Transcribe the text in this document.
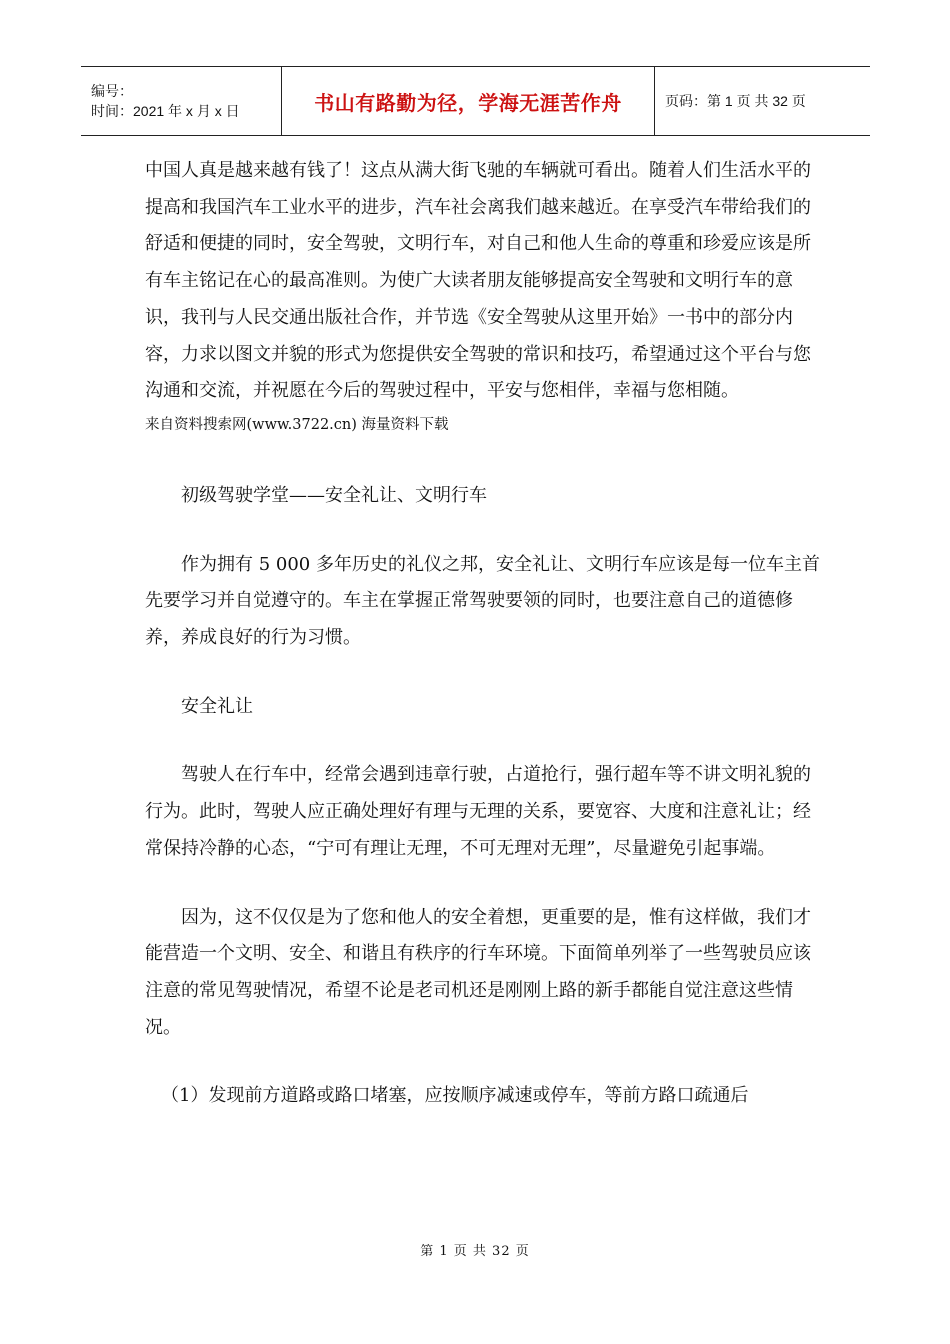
编号：
时间：2021 年 x 月 x 日	书山有路勤为径，学海无涯苦作舟	页码：第 1 页 共 32 页

中国人真是越来越有钱了！这点从满大街飞驰的车辆就可看出。随着人们生活水平的提高和我国汽车工业水平的进步，汽车社会离我们越来越近。在享受汽车带给我们的舒适和便捷的同时，安全驾驶，文明行车，对自己和他人生命的尊重和珍爱应该是所有车主铭记在心的最高准则。为使广大读者朋友能够提高安全驾驶和文明行车的意识，我刊与人民交通出版社合作，并节选《安全驾驶从这里开始》一书中的部分内容，力求以图文并貌的形式为您提供安全驾驶的常识和技巧，希望通过这个平台与您沟通和交流，并祝愿在今后的驾驶过程中，平安与您相伴，幸福与您相随。

来自资料搜索网(www.3722.cn) 海量资料下载

初级驾驶学堂——安全礼让、文明行车

作为拥有 5 000 多年历史的礼仪之邦，安全礼让、文明行车应该是每一位车主首先要学习并自觉遵守的。车主在掌握正常驾驶要领的同时，也要注意自己的道德修养，养成良好的行为习惯。

安全礼让

驾驶人在行车中，经常会遇到违章行驶，占道抢行，强行超车等不讲文明礼貌的行为。此时，驾驶人应正确处理好有理与无理的关系，要宽容、大度和注意礼让；经常保持冷静的心态，“宁可有理让无理，不可无理对无理”，尽量避免引起事端。

因为，这不仅仅是为了您和他人的安全着想，更重要的是，惟有这样做，我们才能营造一个文明、安全、和谐且有秩序的行车环境。下面简单列举了一些驾驶员应该注意的常见驾驶情况，希望不论是老司机还是刚刚上路的新手都能自觉注意这些情况。

（1）发现前方道路或路口堵塞，应按顺序减速或停车，等前方路口疏通后

第 1 页 共 32 页
